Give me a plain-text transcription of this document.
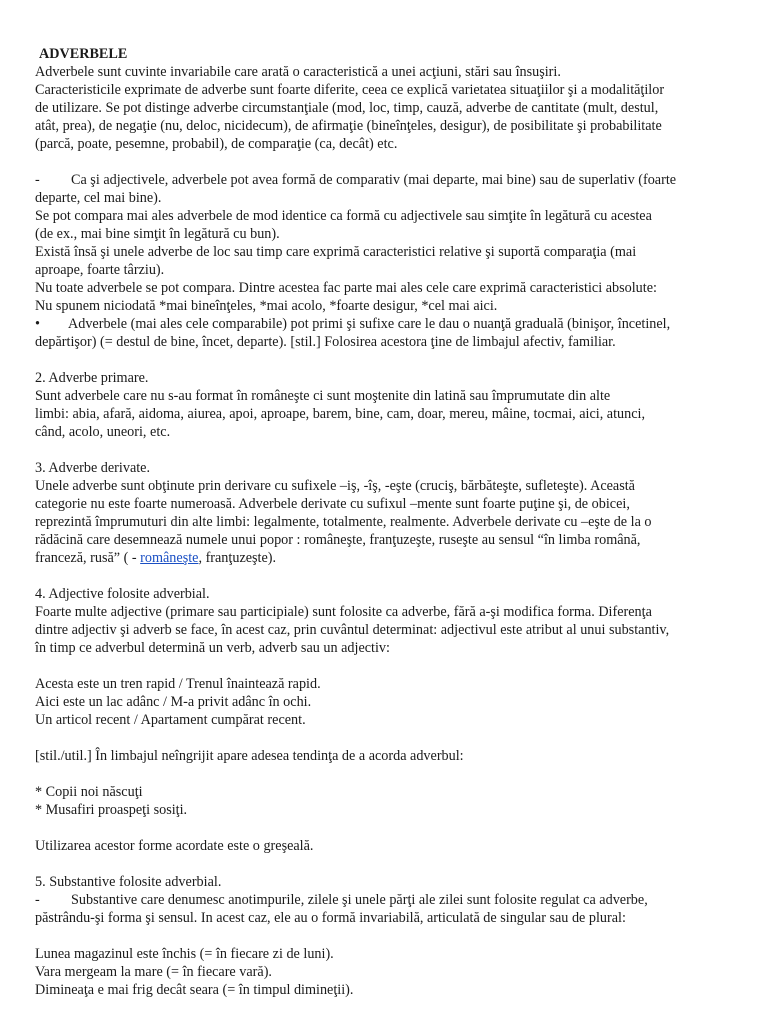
ADVERBELE
Adverbele sunt cuvinte invariabile care arată o caracteristică a unei acţiuni, stări sau însuşiri.
Caracteristicile exprimate de adverbe sunt foarte diferite, ceea ce explică varietatea situaţiilor şi a modalităţilor
de utilizare. Se pot distinge adverbe circumstanţiale (mod, loc, timp, cauză, adverbe de cantitate (mult, destul,
atât, prea), de negaţie (nu, deloc, nicidecum), de afirmaţie (bineînţeles, desigur), de posibilitate şi probabilitate
(parcă, poate, pesemne, probabil), de comparaţie (ca, decât) etc.
- Ca şi adjectivele, adverbele pot avea formă de comparativ (mai departe, mai bine) sau de superlativ (foarte
departe, cel mai bine).
Se pot compara mai ales adverbele de mod identice ca formă cu adjectivele sau simţite în legătură cu acestea
(de ex., mai bine simţit în legătură cu bun).
Există însă şi unele adverbe de loc sau timp care exprimă caracteristici relative şi suportă comparaţia (mai
aproape, foarte târziu).
Nu toate adverbele se pot compara. Dintre acestea fac parte mai ales cele care exprimă caracteristici absolute:
Nu spunem niciodată *mai bineînţeles, *mai acolo, *foarte desigur, *cel mai aici.
• Adverbele (mai ales cele comparabile) pot primi şi sufixe care le dau o nuanţă graduală (binişor, încetinel,
depărtişor) (= destul de bine, încet, departe). [stil.] Folosirea acestora ţine de limbajul afectiv, familiar.
2. Adverbe primare.
Sunt adverbele care nu s-au format în româneşte ci sunt moştenite din latină sau împrumutate din alte
limbi: abia, afară, aidoma, aiurea, apoi, aproape, barem, bine, cam, doar, mereu, mâine, tocmai, aici, atunci,
când, acolo, uneori, etc.
3. Adverbe derivate.
Unele adverbe sunt obţinute prin derivare cu sufixele –iş, -îş, -eşte (cruciş, bărbăteşte, sufleteşte). Această
categorie nu este foarte numeroasă. Adverbele derivate cu sufixul –mente sunt foarte puţine şi, de obicei,
reprezintă împrumuturi din alte limbi: legalmente, totalmente, realmente. Adverbele derivate cu –eşte de la o
rădăcină care desemnează numele unui popor : româneşte, franţuzeşte, ruseşte au sensul “în limba română,
franceză, rusă” ( - româneşte, franţuzeşte).
4. Adjective folosite adverbial.
Foarte multe adjective (primare sau participiale) sunt folosite ca adverbe, fără a-şi modifica forma. Diferenţa
dintre adjectiv şi adverb se face, în acest caz, prin cuvântul determinat: adjectivul este atribut al unui substantiv,
în timp ce adverbul determină un verb, adverb sau un adjectiv:
Acesta este un tren rapid / Trenul înaintează rapid.
Aici este un lac adânc / M-a privit adânc în ochi.
Un articol recent / Apartament cumpărat recent.
[stil./util.] În limbajul neîngrijit apare adesea tendinţa de a acorda adverbul:
* Copii noi născuţi
* Musafiri proaspeţi sosiţi.
Utilizarea acestor forme acordate este o greşeală.
5. Substantive folosite adverbial.
- Substantive care denumesc anotimpurile, zilele şi unele părţi ale zilei sunt folosite regulat ca adverbe,
păstrându-şi forma şi sensul. In acest caz, ele au o formă invariabilă, articulată de singular sau de plural:
Lunea magazinul este închis (= în fiecare zi de luni).
Vara mergeam la mare (= în fiecare vară).
Dimineaţa e mai frig decât seara (= în timpul dimineţii).
